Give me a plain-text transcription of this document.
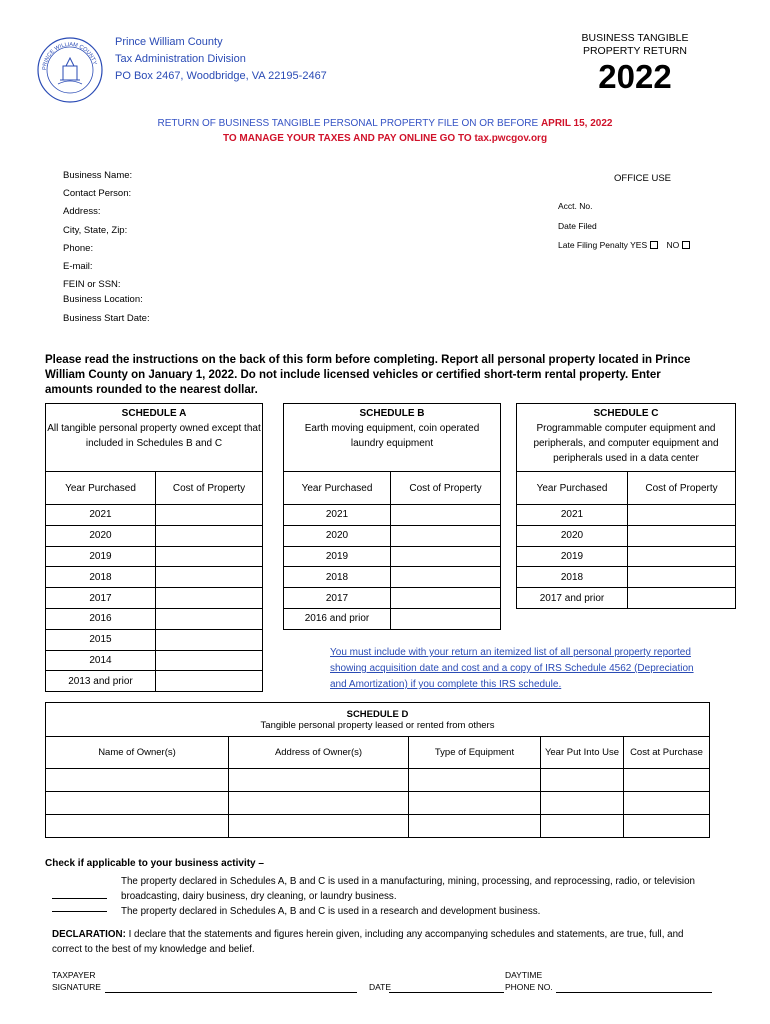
PRINCE WILLIAM COUNTY
Prince William County
Tax Administration Division
PO Box 2467, Woodbridge, VA 22195-2467
BUSINESS TANGIBLE
PROPERTY RETURN
2022
RETURN OF BUSINESS TANGIBLE PERSONAL PROPERTY FILE ON OR BEFORE APRIL 15, 2022
TO MANAGE YOUR TAXES AND PAY ONLINE GO TO tax.pwcgov.org
Business Name:
Contact Person:
Address:
City, State, Zip:
Phone:
E-mail:
FEIN or SSN:
Business Location:
Business Start Date:
OFFICE USE
Acct. No.
Date Filed
Late Filing Penalty YES NO
Please read the instructions on the back of this form before completing. Report all personal property located in Prince William County on January 1, 2022. Do not include licensed vehicles or certified short-term rental property. Enter amounts rounded to the nearest dollar.
SCHEDULE A
All tangible personal property owned except that included in Schedules B and C
Year Purchased	Cost of Property
2021	
2020	
2019	
2018	
2017	
2016	
2015	
2014	
2013 and prior	
SCHEDULE B
Earth moving equipment, coin operated laundry equipment
Year Purchased	Cost of Property
2021	
2020	
2019	
2018	
2017	
2016 and prior	
SCHEDULE C
Programmable computer equipment and peripherals, and computer equipment and peripherals used in a data center
Year Purchased	Cost of Property
2021	
2020	
2019	
2018	
2017 and prior	
You must include with your return an itemized list of all personal property reported showing acquisition date and cost and a copy of IRS Schedule 4562 (Depreciation and Amortization) if you complete this IRS schedule.
SCHEDULE D
Tangible personal property leased or rented from others				
Name of Owner(s)	Address of Owner(s)	Type of Equipment	Year Put Into Use	Cost at Purchase

Check if applicable to your business activity –
The property declared in Schedules A, B and C is used in a manufacturing, mining, processing, and reprocessing, radio, or television broadcasting, dairy business, dry cleaning, or laundry business.
The property declared in Schedules A, B and C is used in a research and development business.
DECLARATION: I declare that the statements and figures herein given, including any accompanying schedules and statements, are true, full, and correct to the best of my knowledge and belief.
TAXPAYER
SIGNATURE	DATE
DAYTIME
PHONE NO.
